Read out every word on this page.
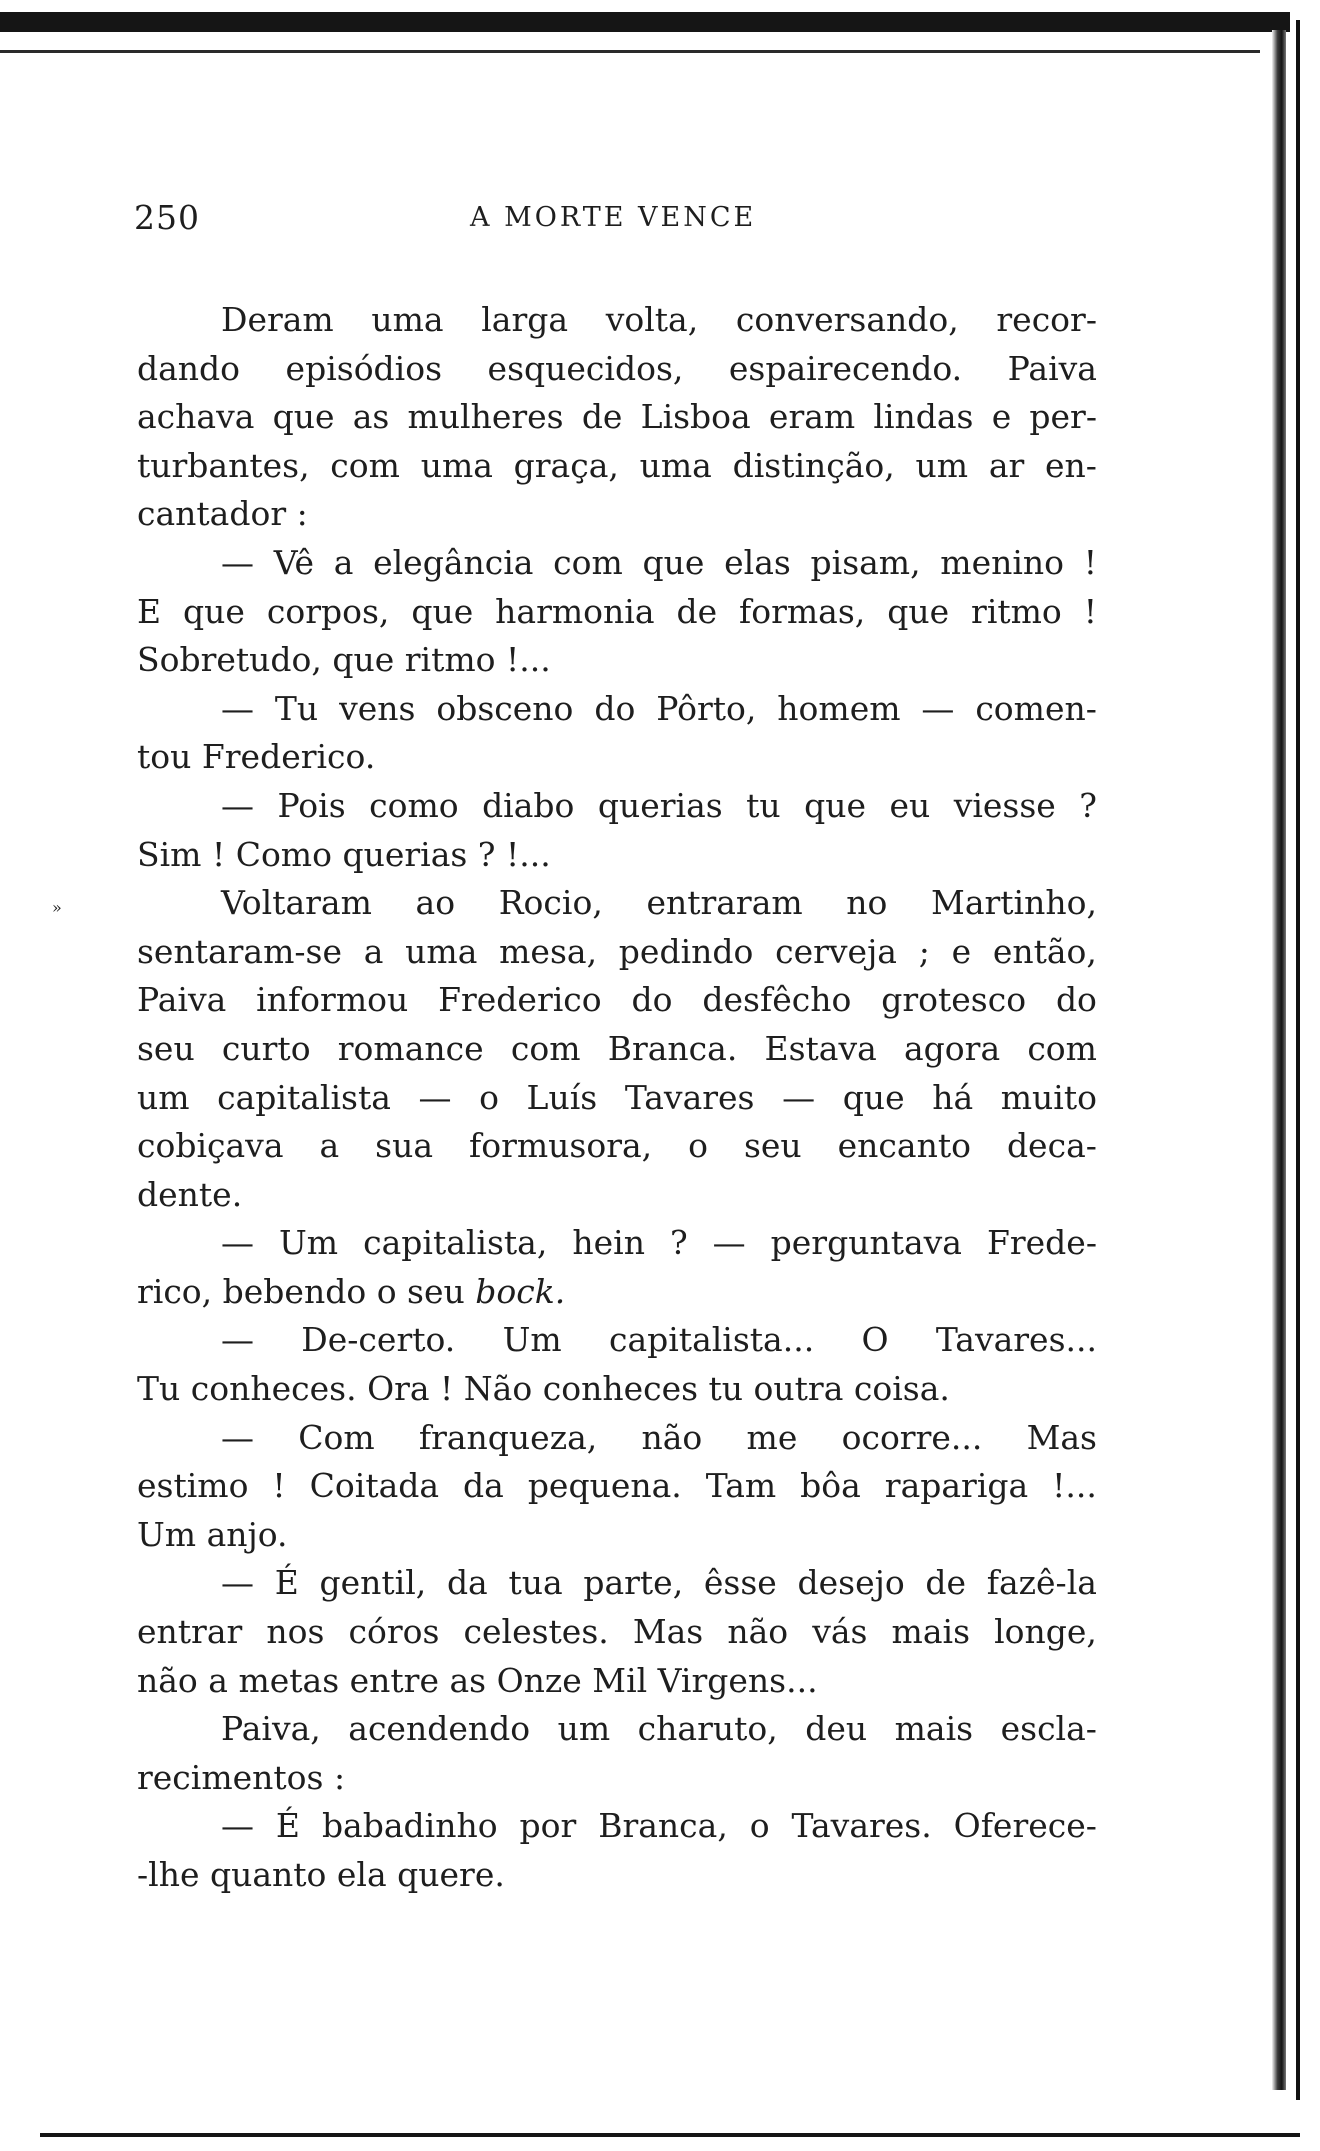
250	A MORTE VENCE
»
Deram uma larga volta, conversando, recor-
dando episódios esquecidos, espairecendo. Paiva
achava que as mulheres de Lisboa eram lindas e per-
turbantes, com uma graça, uma distinção, um ar en-
cantador :
— Vê a elegância com que elas pisam, menino !
E que corpos, que harmonia de formas, que ritmo !
Sobretudo, que ritmo !...
— Tu vens obsceno do Pôrto, homem — comen-
tou Frederico.
— Pois como diabo querias tu que eu viesse ?
Sim ! Como querias ? !...
Voltaram ao Rocio, entraram no Martinho,
sentaram-se a uma mesa, pedindo cerveja ; e então,
Paiva informou Frederico do desfêcho grotesco do
seu curto romance com Branca. Estava agora com
um capitalista — o Luís Tavares — que há muito
cobiçava a sua formusora, o seu encanto deca-
dente.
— Um capitalista, hein ? — perguntava Frede-
rico, bebendo o seu
bock.
— De-certo. Um capitalista... O Tavares...
Tu conheces. Ora ! Não conheces tu outra coisa.
— Com franqueza, não me ocorre... Mas
estimo ! Coitada da pequena. Tam bôa rapariga !...
Um anjo.
— É gentil, da tua parte, êsse desejo de fazê-la
entrar nos córos celestes. Mas não vás mais longe,
não a metas entre as Onze Mil Virgens...
Paiva, acendendo um charuto, deu mais escla-
recimentos :
— É babadinho por Branca, o Tavares. Oferece-
-lhe quanto ela quere.
